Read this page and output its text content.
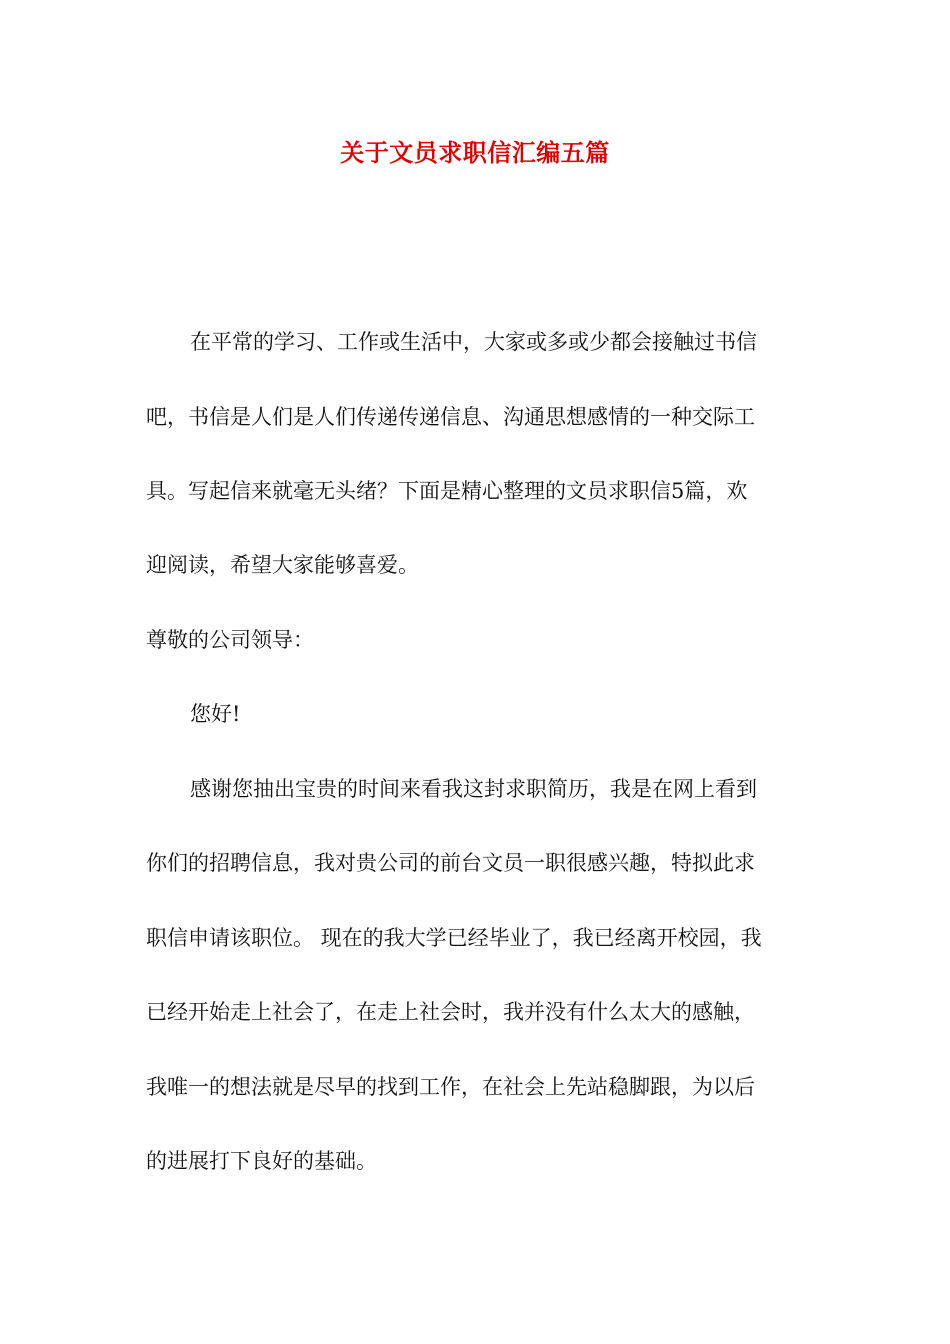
关于文员求职信汇编五篇

在平常的学习、工作或生活中，大家或多或少都会接触过书信

吧，书信是人们是人们传递传递信息、沟通思想感情的一种交际工

具。写起信来就毫无头绪？下面是精心整理的文员求职信5篇，欢

迎阅读，希望大家能够喜爱。

尊敬的公司领导：

您好!

感谢您抽出宝贵的时间来看我这封求职简历，我是在网上看到

你们的招聘信息，我对贵公司的前台文员一职很感兴趣，特拟此求

职信申请该职位。 现在的我大学已经毕业了，我已经离开校园，我

已经开始走上社会了，在走上社会时，我并没有什么太大的感触，

我唯一的想法就是尽早的找到工作，在社会上先站稳脚跟，为以后

的进展打下良好的基础。
